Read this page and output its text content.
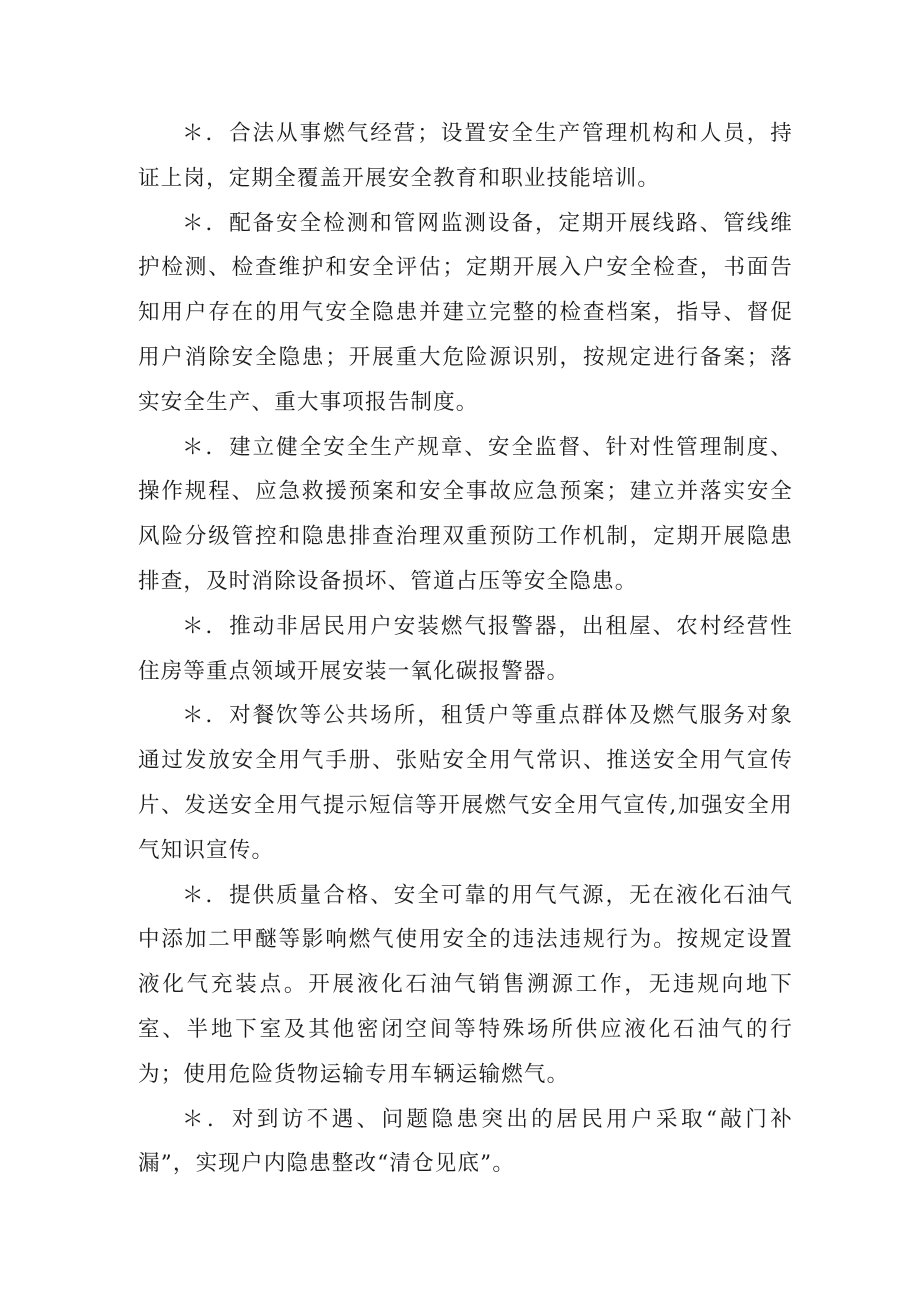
＊．合法从事燃气经营；设置安全生产管理机构和人员，持证上岗，定期全覆盖开展安全教育和职业技能培训。

＊．配备安全检测和管网监测设备，定期开展线路、管线维护检测、检查维护和安全评估；定期开展入户安全检查，书面告知用户存在的用气安全隐患并建立完整的检查档案，指导、督促用户消除安全隐患；开展重大危险源识别，按规定进行备案；落实安全生产、重大事项报告制度。

＊．建立健全安全生产规章、安全监督、针对性管理制度、操作规程、应急救援预案和安全事故应急预案；建立并落实安全风险分级管控和隐患排查治理双重预防工作机制，定期开展隐患排查，及时消除设备损坏、管道占压等安全隐患。

＊．推动非居民用户安装燃气报警器，出租屋、农村经营性住房等重点领域开展安装一氧化碳报警器。

＊．对餐饮等公共场所，租赁户等重点群体及燃气服务对象通过发放安全用气手册、张贴安全用气常识、推送安全用气宣传片、发送安全用气提示短信等开展燃气安全用气宣传,加强安全用气知识宣传。

＊．提供质量合格、安全可靠的用气气源，无在液化石油气中添加二甲醚等影响燃气使用安全的违法违规行为。按规定设置液化气充装点。开展液化石油气销售溯源工作，无违规向地下室、半地下室及其他密闭空间等特殊场所供应液化石油气的行为；使用危险货物运输专用车辆运输燃气。

＊．对到访不遇、问题隐患突出的居民用户采取“敲门补漏”，实现户内隐患整改“清仓见底”。
